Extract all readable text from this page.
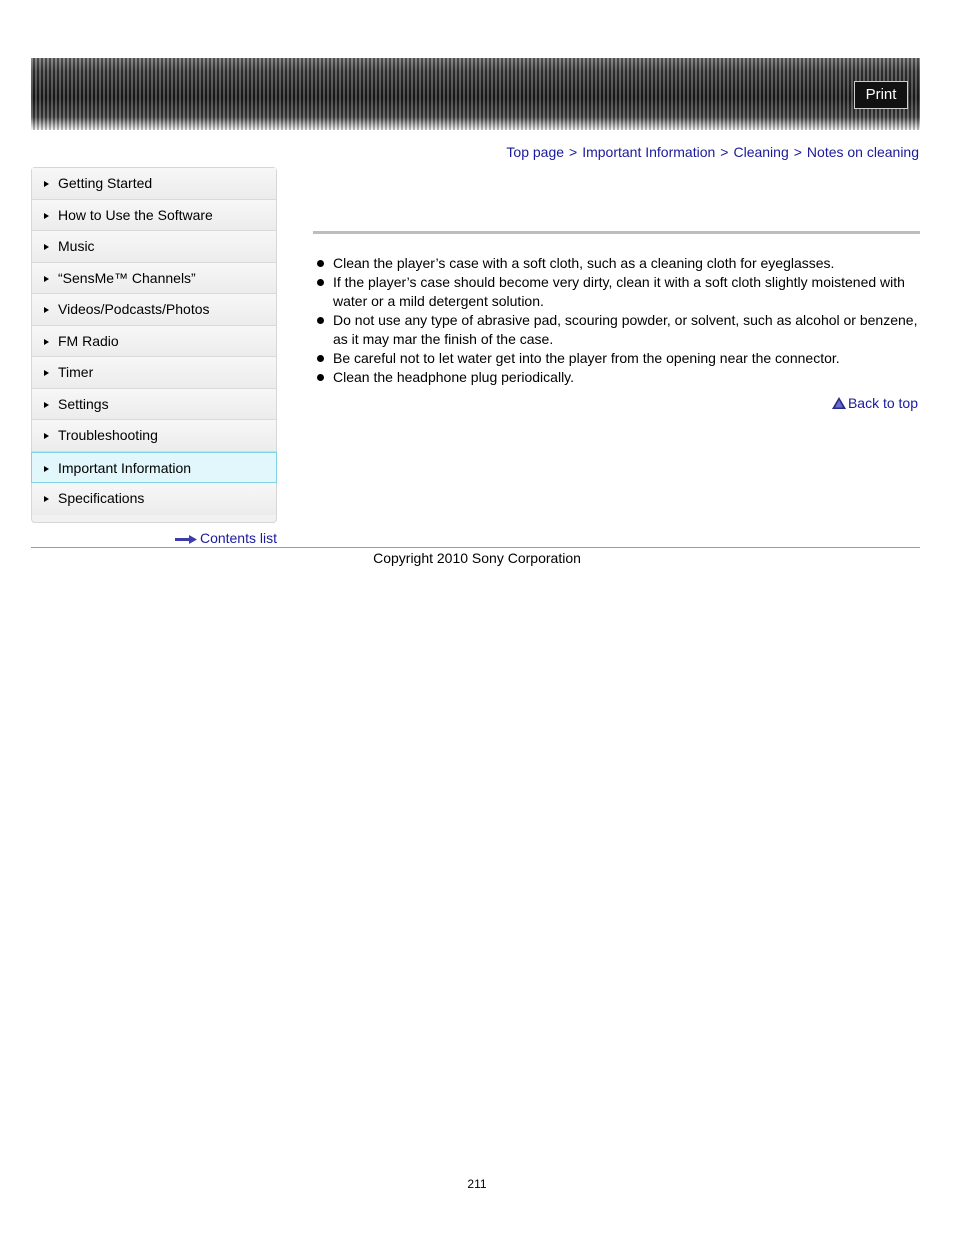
Print
Top page > Important Information > Cleaning > Notes on cleaning
Getting Started
How to Use the Software
Music
“SensMe™ Channels”
Videos/Podcasts/Photos
FM Radio
Timer
Settings
Troubleshooting
Important Information
Specifications
Contents list
Clean the player’s case with a soft cloth, such as a cleaning cloth for eyeglasses.
If the player’s case should become very dirty, clean it with a soft cloth slightly moistened with water or a mild detergent solution.
Do not use any type of abrasive pad, scouring powder, or solvent, such as alcohol or benzene, as it may mar the finish of the case.
Be careful not to let water get into the player from the opening near the connector.
Clean the headphone plug periodically.
Back to top
Copyright 2010 Sony Corporation
211
